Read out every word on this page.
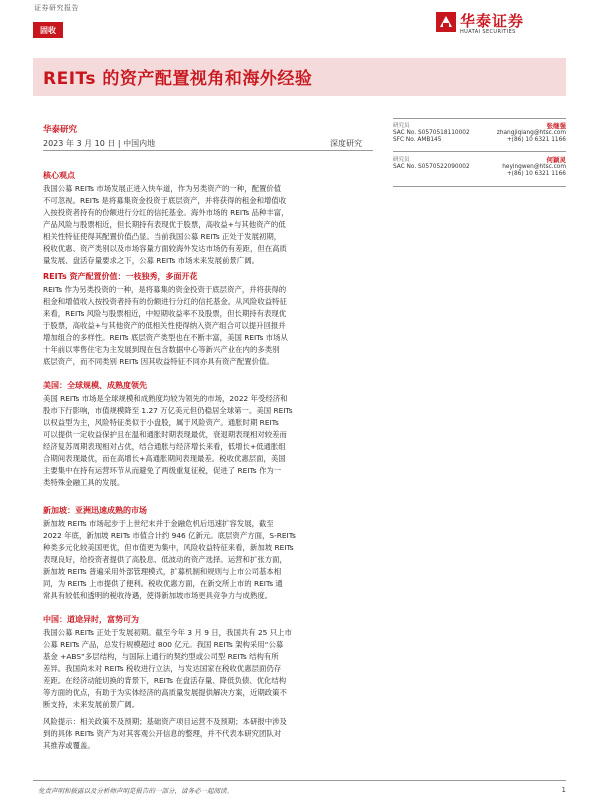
证券研究报告
固收	华泰证券
HUATAI SECURITIES
REITs 的资产配置视角和海外经验
华泰研究
2023 年 3 月 10 日 | 中国内地	深度研究
研究员	张继强
SAC No. S0570518110002	zhangjiqiang@htsc.com
SFC No. AMB145	+(86) 10 6321 1166
研究员	何颖灵
SAC No. S0570522090002	heyingwen@htsc.com
+(86) 10 6321 1166
核心观点
我国公募 REITs 市场发展正进入快车道，作为另类资产的一种，配置价值
不可忽视。REITs 是将募集资金投资于底层资产，并将获得的租金和增值收
入按投资者持有的份额进行分红的信托基金。海外市场的 REITs 品种丰富，
产品风险与股票相近，但长期持有表现优于股票，高收益+与其他资产的低
相关性特征使得其配置价值凸显。当前我国公募 REITs 正处于发展初期，
税收优惠、资产类别以及市场容量方面较海外发达市场仍有差距，但在高质
量发展、盘活存量要求之下，公募 REITs 市场未来发展前景广阔。
REITs 资产配置价值：一枝独秀，多面开花
REITs 作为另类投资的一种，是将募集的资金投资于底层资产，并将获得的
租金和增值收入按投资者持有的份额进行分红的信托基金。从风险收益特征
来看，REITs 风险与股票相近，中短期收益率不及股票，但长期持有表现优
于股票，高收益+与其他资产的低相关性使得纳入资产组合可以提升回报并
增加组合的多样性。REITs 底层资产类型也在不断丰富，美国 REITs 市场从
十年前以零售住宅为主发展到现在包含数据中心等新兴产业在内的多类别
底层资产，而不同类别 REITs 因其收益特征不同亦具有资产配置价值。
美国：全球规模、成熟度领先
美国 REITs 市场是全球规模和成熟度均较为领先的市场，2022 年受经济和
股市下行影响，市值规模降至 1.27 万亿美元但仍稳居全球第一。美国 REITs
以权益型为主，风险特征类似于小盘股，属于风险资产。通胀时期 REITs
可以提供一定收益保护且在温和通胀时期表现最优，衰退期表现相对较差而
经济复苏周期表现相对占优，结合通胀与经济增长来看，低增长+低通胀组
合期间表现最优，而在高增长+高通胀期间表现最差。税收优惠层面，美国
主要集中在持有运营环节从而避免了两级重复征税，促进了 REITs 作为一
类特殊金融工具的发展。
新加坡：亚洲迅速成熟的市场
新加坡 REITs 市场起步于上世纪末并于金融危机后迅速扩容发展，截至
2022 年底，新加坡 REITs 市值合计约 946 亿新元。底层资产方面，S-REITs
种类多元化较美国更优，但市值更为集中，风险收益特征来看，新加坡 REITs
表现良好，给投资者提供了高股息、低波动的资产选择。运营和扩张方面，
新加坡 REITs 普遍采用外部管理模式，扩募机制和规则与上市公司基本相
同，为 REITs 上市提供了便利。税收优惠方面，在新交所上市的 REITs 通
常具有较低和透明的税收待遇，使得新加坡市场更具竞争力与成熟度。
中国：道途异时，富势可为
我国公募 REITs 正处于发展初期。截至今年 3 月 9 日，我国共有 25 只上市
公募 REITs 产品，总发行规模超过 800 亿元。我国 REITs 架构采用“公募
基金 +ABS”多层结构，与国际上通行的契约型或公司型 REITs 结构有所
差异。我国尚未对 REITs 税收进行立法，与发达国家在税收优惠层面仍存
差距。在经济动能切换的背景下，REITs 在盘活存量、降低负债、优化结构
等方面的优点，有助于为实体经济的高质量发展提供解决方案，近期政策不
断支持，未来发展前景广阔。
风险提示：相关政策不及预期；基础资产项目运营不及预期；本研报中涉及
到的具体 REITs 资产为对其客观公开信息的整理，并不代表本研究团队对
其推荐或覆盖。
免责声明和披露以及分析师声明是报告的一部分，请务必一起阅读。	1
